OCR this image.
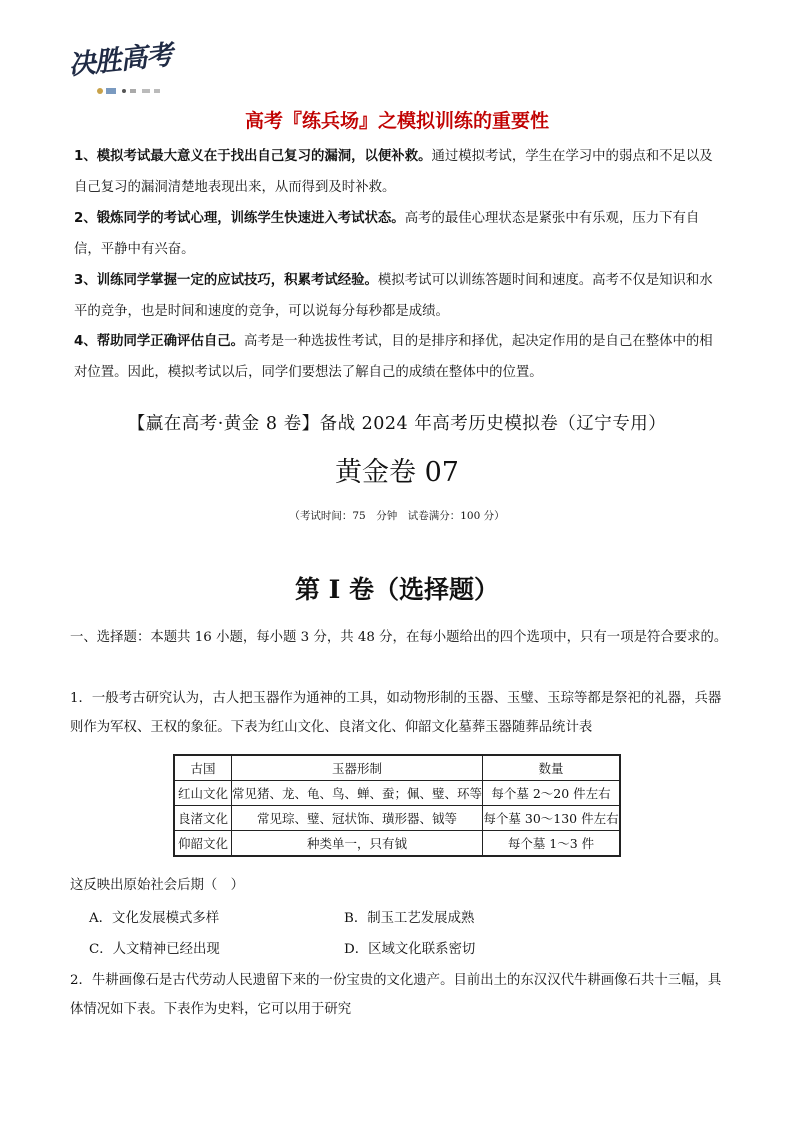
决胜高考
高考『练兵场』之模拟训练的重要性
1、模拟考试最大意义在于找出自己复习的漏洞，以便补救。通过模拟考试，学生在学习中的弱点和不足以及自己复习的漏洞清楚地表现出来，从而得到及时补救。
2、锻炼同学的考试心理，训练学生快速进入考试状态。高考的最佳心理状态是紧张中有乐观，压力下有自信，平静中有兴奋。
3、训练同学掌握一定的应试技巧，积累考试经验。模拟考试可以训练答题时间和速度。高考不仅是知识和水平的竞争，也是时间和速度的竞争，可以说每分每秒都是成绩。
4、帮助同学正确评估自己。高考是一种选拔性考试，目的是排序和择优，起决定作用的是自己在整体中的相对位置。因此，模拟考试以后，同学们要想法了解自己的成绩在整体中的位置。
【赢在高考·黄金 8 卷】备战 2024 年高考历史模拟卷（辽宁专用）
黄金卷 07
（考试时间：75　分钟　试卷满分：100 分）
第 I 卷（选择题）
一、选择题：本题共 16 小题，每小题 3 分，共 48 分，在每小题给出的四个选项中，只有一项是符合要求的。
1．一般考古研究认为，古人把玉器作为通神的工具，如动物形制的玉器、玉璧、玉琮等都是祭祀的礼器，兵器则作为军权、王权的象征。下表为红山文化、良渚文化、仰韶文化墓葬玉器随葬品统计表
古国	玉器形制	数量
红山文化	常见猪、龙、龟、鸟、蝉、蚕；佩、璧、环等	每个墓 2～20 件左右
良渚文化	常见琮、璧、冠状饰、璜形器、钺等	每个墓 30～130 件左右
仰韶文化	种类单一，只有钺	每个墓 1～3 件
这反映出原始社会后期（　）
A．文化发展模式多样	B．制玉工艺发展成熟
C．人文精神已经出现	D．区域文化联系密切
2．牛耕画像石是古代劳动人民遗留下来的一份宝贵的文化遗产。目前出土的东汉汉代牛耕画像石共十三幅，具体情况如下表。下表作为史料，它可以用于研究
